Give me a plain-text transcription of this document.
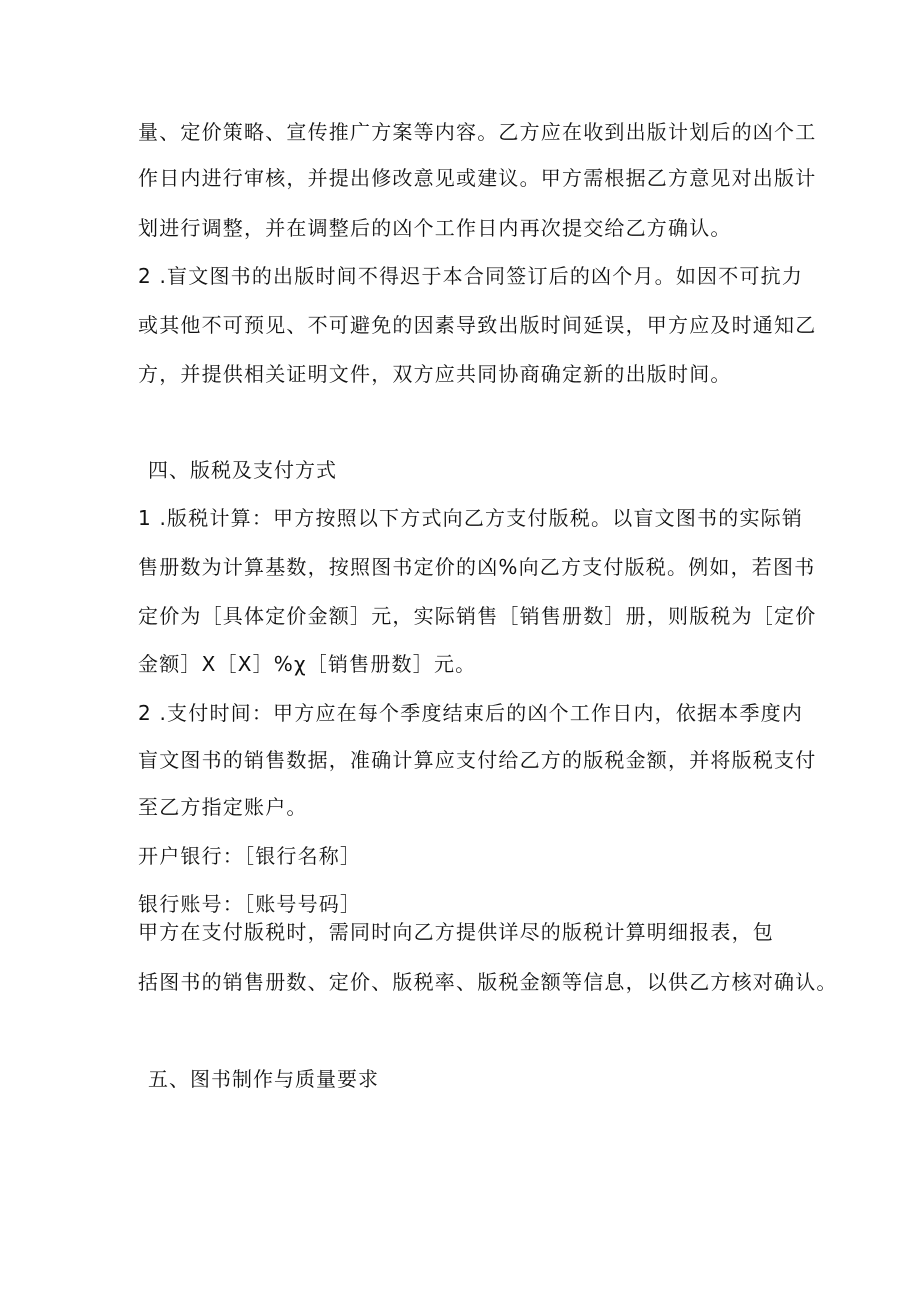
量、定价策略、宣传推广方案等内容。乙方应在收到出版计划后的凶个工
作日内进行审核，并提出修改意见或建议。甲方需根据乙方意见对出版计
划进行调整，并在调整后的凶个工作日内再次提交给乙方确认。
2 .盲文图书的出版时间不得迟于本合同签订后的凶个月。如因不可抗力
或其他不可预见、不可避免的因素导致出版时间延误，甲方应及时通知乙
方，并提供相关证明文件，双方应共同协商确定新的出版时间。
四、版税及支付方式
1 .版税计算：甲方按照以下方式向乙方支付版税。以盲文图书的实际销
售册数为计算基数，按照图书定价的凶%向乙方支付版税。例如，若图书
定价为［具体定价金额］元，实际销售［销售册数］册，则版税为［定价
金额］X［X］%χ［销售册数］元。
2 .支付时间：甲方应在每个季度结束后的凶个工作日内，依据本季度内
盲文图书的销售数据，准确计算应支付给乙方的版税金额，并将版税支付
至乙方指定账户。
开户银行：［银行名称］
银行账号：［账号号码］
甲方在支付版税时，需同时向乙方提供详尽的版税计算明细报表，包
括图书的销售册数、定价、版税率、版税金额等信息，以供乙方核对确认。
五、图书制作与质量要求
